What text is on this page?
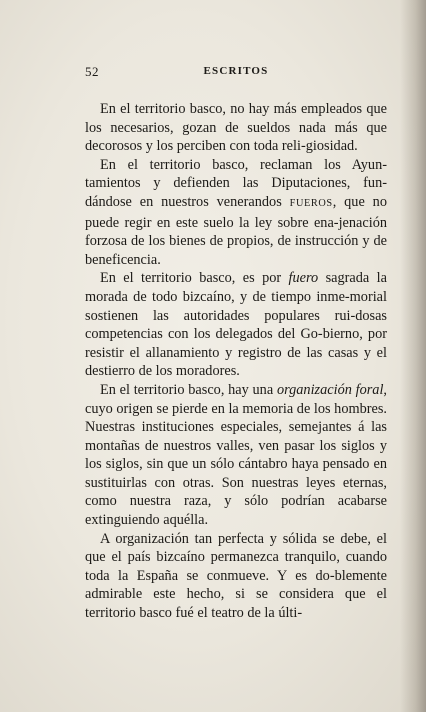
52	ESCRITOS

En el territorio basco, no hay más empleados que los necesarios, gozan de sueldos nada más que decorosos y los perciben con toda reli-giosidad.

En el territorio basco, reclaman los Ayun-tamientos y defienden las Diputaciones, fun-dándose en nuestros venerandos FUEROS, que no puede regir en este suelo la ley sobre ena-jenación forzosa de los bienes de propios, de instrucción y de beneficencia.

En el territorio basco, es por fuero sagrada la morada de todo bizcaíno, y de tiempo inme-morial sostienen las autoridades populares rui-dosas competencias con los delegados del Go-bierno, por resistir el allanamiento y registro de las casas y el destierro de los moradores.

En el territorio basco, hay una organización foral, cuyo origen se pierde en la memoria de los hombres. Nuestras instituciones especiales, semejantes á las montañas de nuestros valles, ven pasar los siglos y los siglos, sin que un sólo cántabro haya pensado en sustituirlas con otras. Son nuestras leyes eternas, como nuestra raza, y sólo podrían acabarse extinguiendo aquélla.

A organización tan perfecta y sólida se debe, el que el país bizcaíno permanezca tranquilo, cuando toda la España se conmueve. Y es do-blemente admirable este hecho, si se considera que el territorio basco fué el teatro de la últi-
